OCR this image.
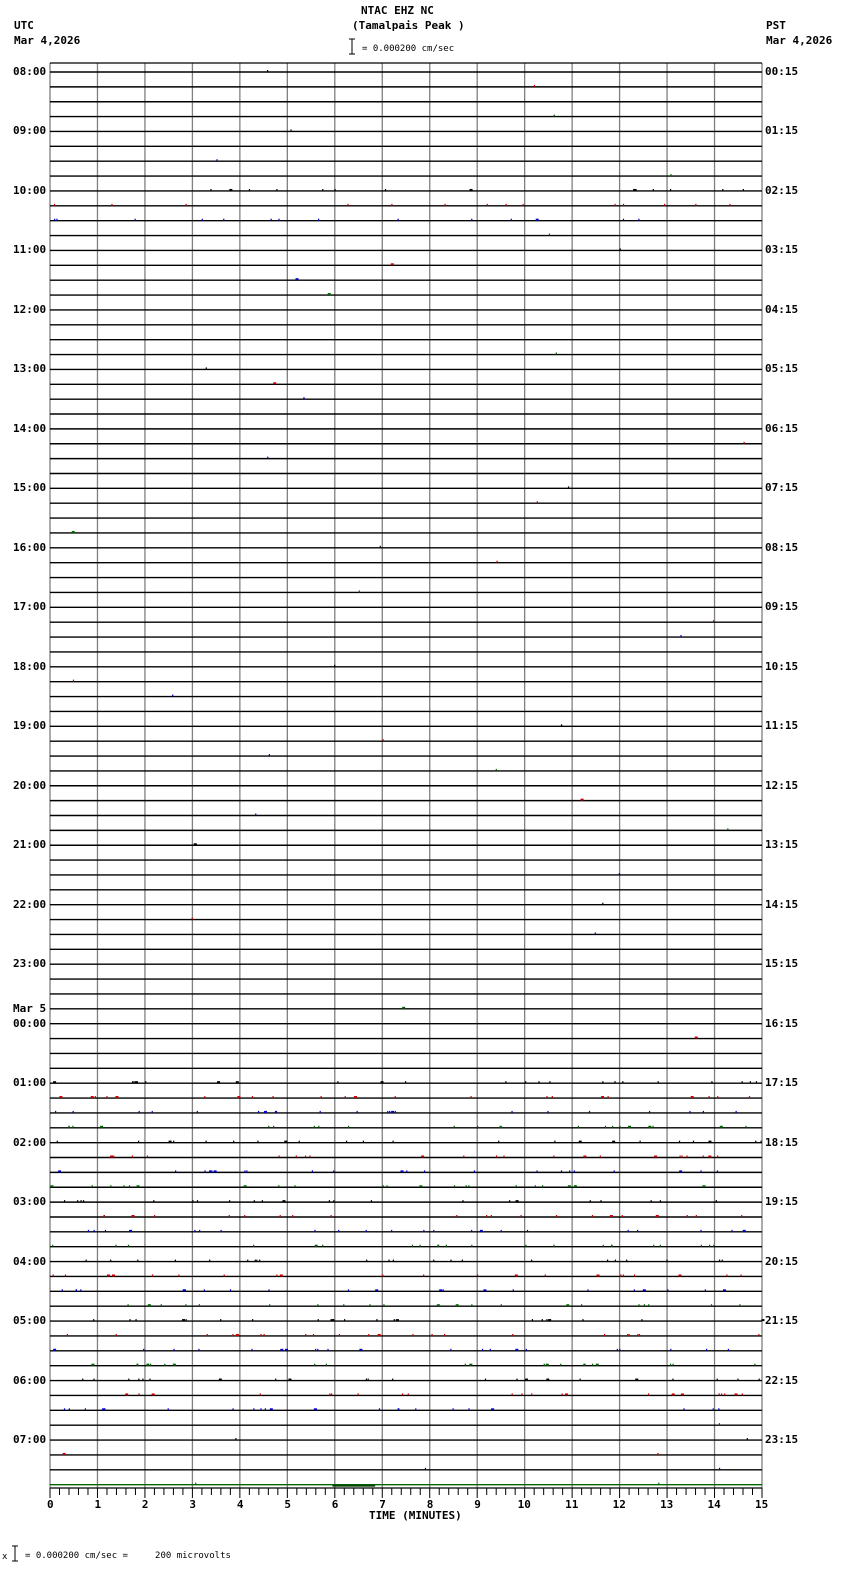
NTAC EHZ NC
(Tamalpais Peak )
UTC
Mar 4,2026
PST
Mar 4,2026
= 0.000200 cm/sec
08:00
09:00
10:00
11:00
12:00
13:00
14:00
15:00
16:00
17:00
18:00
19:00
20:00
21:00
22:00
23:00
00:00
Mar 5
01:00
02:00
03:00
04:00
05:00
06:00
07:00
00:15
01:15
02:15
03:15
04:15
05:15
06:15
07:15
08:15
09:15
10:15
11:15
12:15
13:15
14:15
15:15
16:15
17:15
18:15
19:15
20:15
21:15
22:15
23:15
0	1	2	3	4	5	6	7	8	9	10	11	12	13	14	15
TIME (MINUTES)
x = 0.000200 cm/sec =     200 microvolts
